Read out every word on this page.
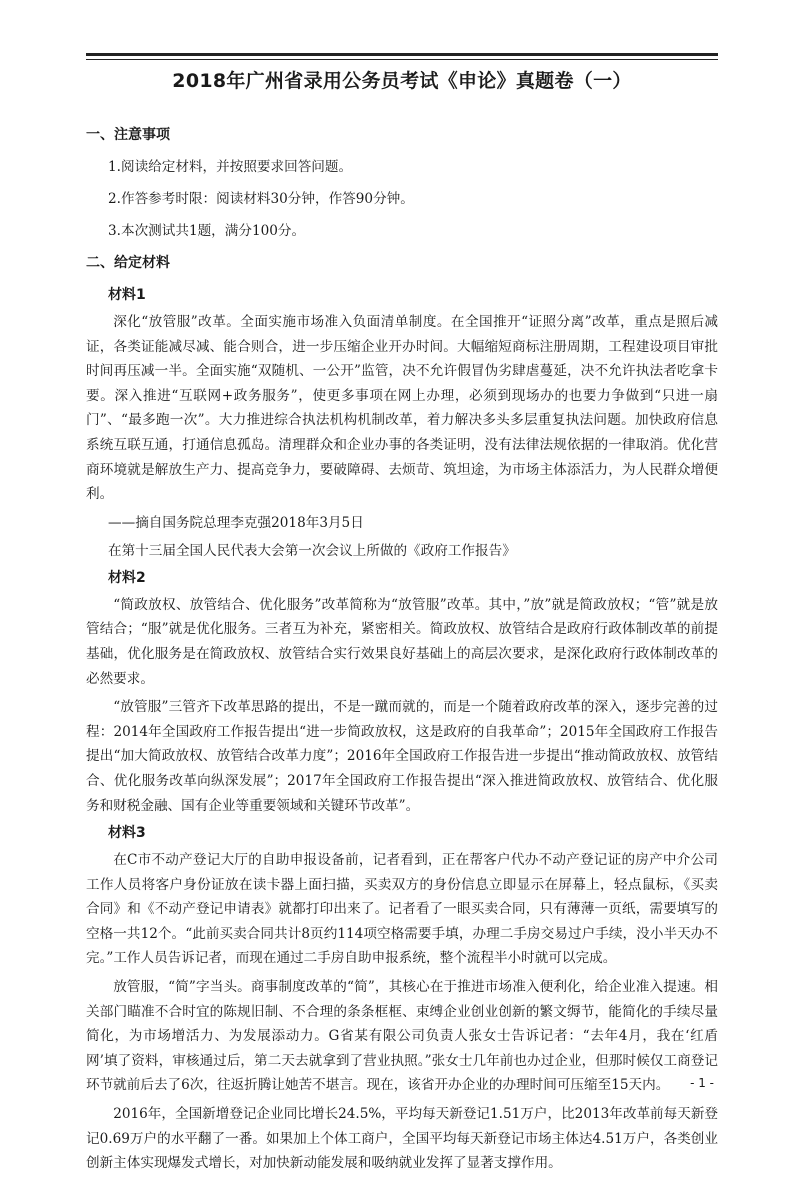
2018年广州省录用公务员考试《申论》真题卷（一）
一、注意事项
1.阅读给定材料，并按照要求回答问题。
2.作答参考时限：阅读材料30分钟，作答90分钟。
3.本次测试共1题，满分100分。
二、给定材料
材料1
深化“放管服”改革。全面实施市场准入负面清单制度。在全国推开“证照分离”改革，重点是照后减证，各类证能减尽减、能合则合，进一步压缩企业开办时间。大幅缩短商标注册周期，工程建设项目审批时间再压减一半。全面实施“双随机、一公开”监管，决不允许假冒伪劣肆虐蔓延，决不允许执法者吃拿卡要。深入推进“互联网+政务服务”，使更多事项在网上办理，必须到现场办的也要力争做到“只进一扇门”、“最多跑一次”。大力推进综合执法机构机制改革，着力解决多头多层重复执法问题。加快政府信息系统互联互通，打通信息孤岛。清理群众和企业办事的各类证明，没有法律法规依据的一律取消。优化营商环境就是解放生产力、提高竞争力，要破障碍、去烦苛、筑坦途，为市场主体添活力，为人民群众增便利。
——摘自国务院总理李克强2018年3月5日
在第十三届全国人民代表大会第一次会议上所做的《政府工作报告》
材料2
“简政放权、放管结合、优化服务”改革简称为“放管服”改革。其中，”放”就是简政放权；“管”就是放管结合；“服”就是优化服务。三者互为补充，紧密相关。简政放权、放管结合是政府行政体制改革的前提基础，优化服务是在简政放权、放管结合实行效果良好基础上的高层次要求，是深化政府行政体制改革的必然要求。
“放管服”三管齐下改革思路的提出，不是一蹴而就的，而是一个随着政府改革的深入，逐步完善的过程：2014年全国政府工作报告提出“进一步简政放权，这是政府的自我革命”；2015年全国政府工作报告提出“加大简政放权、放管结合改革力度”；2016年全国政府工作报告进一步提出“推动简政放权、放管结合、优化服务改革向纵深发展”；2017年全国政府工作报告提出“深入推进简政放权、放管结合、优化服务和财税金融、国有企业等重要领域和关键环节改革”。
材料3
在C市不动产登记大厅的自助申报设备前，记者看到，正在帮客户代办不动产登记证的房产中介公司工作人员将客户身份证放在读卡器上面扫描，买卖双方的身份信息立即显示在屏幕上，轻点鼠标，《买卖合同》和《不动产登记申请表》就都打印出来了。记者看了一眼买卖合同，只有薄薄一页纸，需要填写的空格一共12个。“此前买卖合同共计8页约114项空格需要手填，办理二手房交易过户手续，没小半天办不完。”工作人员告诉记者，而现在通过二手房自助申报系统，整个流程半小时就可以完成。
放管服，“简”字当头。商事制度改革的“简”，其核心在于推进市场准入便利化，给企业准入提速。相关部门瞄准不合时宜的陈规旧制、不合理的条条框框、束缚企业创业创新的繁文缛节，能简化的手续尽量简化，为市场增活力、为发展添动力。G省某有限公司负责人张女士告诉记者：“去年4月，我在‘红盾网’填了资料，审核通过后，第二天去就拿到了营业执照。”张女士几年前也办过企业，但那时候仅工商登记环节就前后去了6次，往返折腾让她苦不堪言。现在，该省开办企业的办理时间可压缩至15天内。
2016年，全国新增登记企业同比增长24.5%，平均每天新登记1.51万户，比2013年改革前每天新登记0.69万户的水平翻了一番。如果加上个体工商户，全国平均每天新登记市场主体达4.51万户，各类创业创新主体实现爆发式增长，对加快新动能发展和吸纳就业发挥了显著支撑作用。
- 1 -
